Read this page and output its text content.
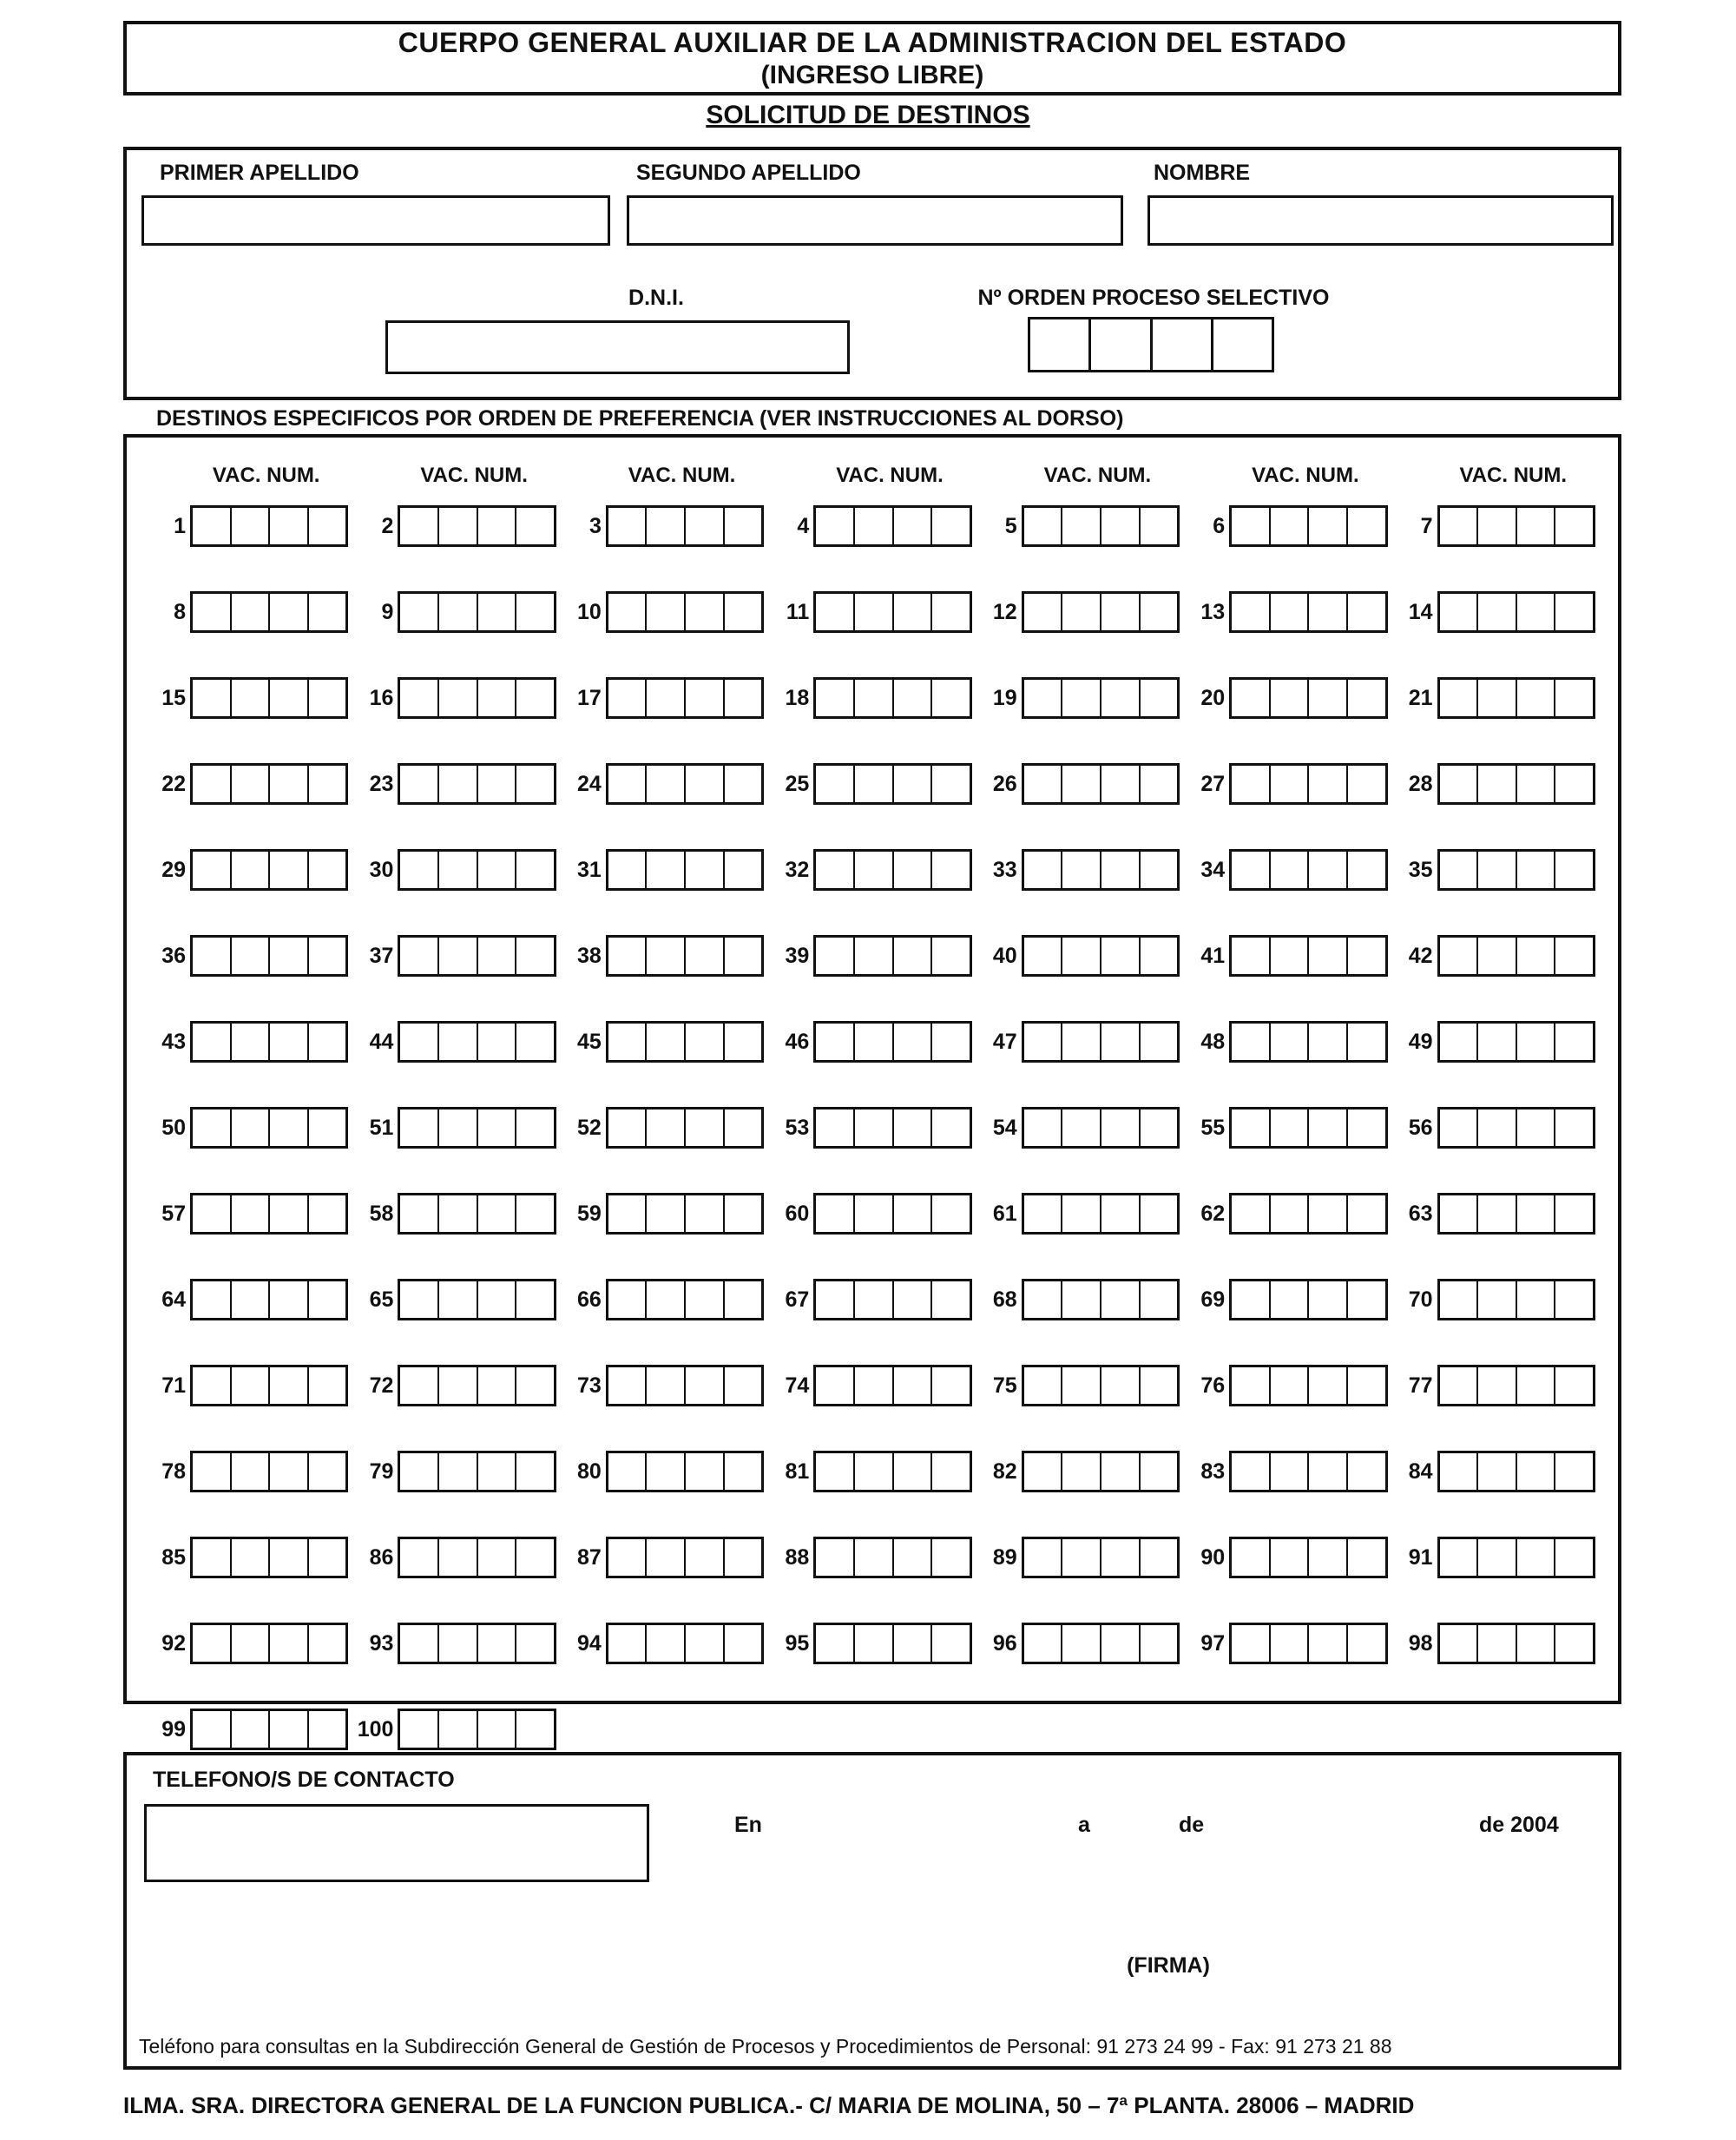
CUERPO GENERAL AUXILIAR DE LA ADMINISTRACION DEL ESTADO
(INGRESO LIBRE)
SOLICITUD DE DESTINOS
PRIMER APELLIDO	SEGUNDO APELLIDO	NOMBRE
D.N.I.	Nº ORDEN PROCESO SELECTIVO
DESTINOS ESPECIFICOS POR ORDEN DE PREFERENCIA (VER INSTRUCCIONES AL DORSO)
VAC. NUM.	VAC. NUM.	VAC. NUM.	VAC. NUM.	VAC. NUM.	VAC. NUM.	VAC. NUM.
1	2	3	4	5	6	7
8	9	10	11	12	13	14
15	16	17	18	19	20	21
22	23	24	25	26	27	28
29	30	31	32	33	34	35
36	37	38	39	40	41	42
43	44	45	46	47	48	49
50	51	52	53	54	55	56
57	58	59	60	61	62	63
64	65	66	67	68	69	70
71	72	73	74	75	76	77
78	79	80	81	82	83	84
85	86	87	88	89	90	91
92	93	94	95	96	97	98
99	100
TELEFONO/S DE CONTACTO
En	a	de	de 2004
(FIRMA)
Teléfono para consultas en la Subdirección General de Gestión de Procesos y Procedimientos de Personal: 91 273 24 99 - Fax: 91 273 21 88
ILMA. SRA. DIRECTORA GENERAL DE LA FUNCION PUBLICA.- C/ MARIA DE MOLINA, 50 – 7ª PLANTA. 28006 – MADRID
